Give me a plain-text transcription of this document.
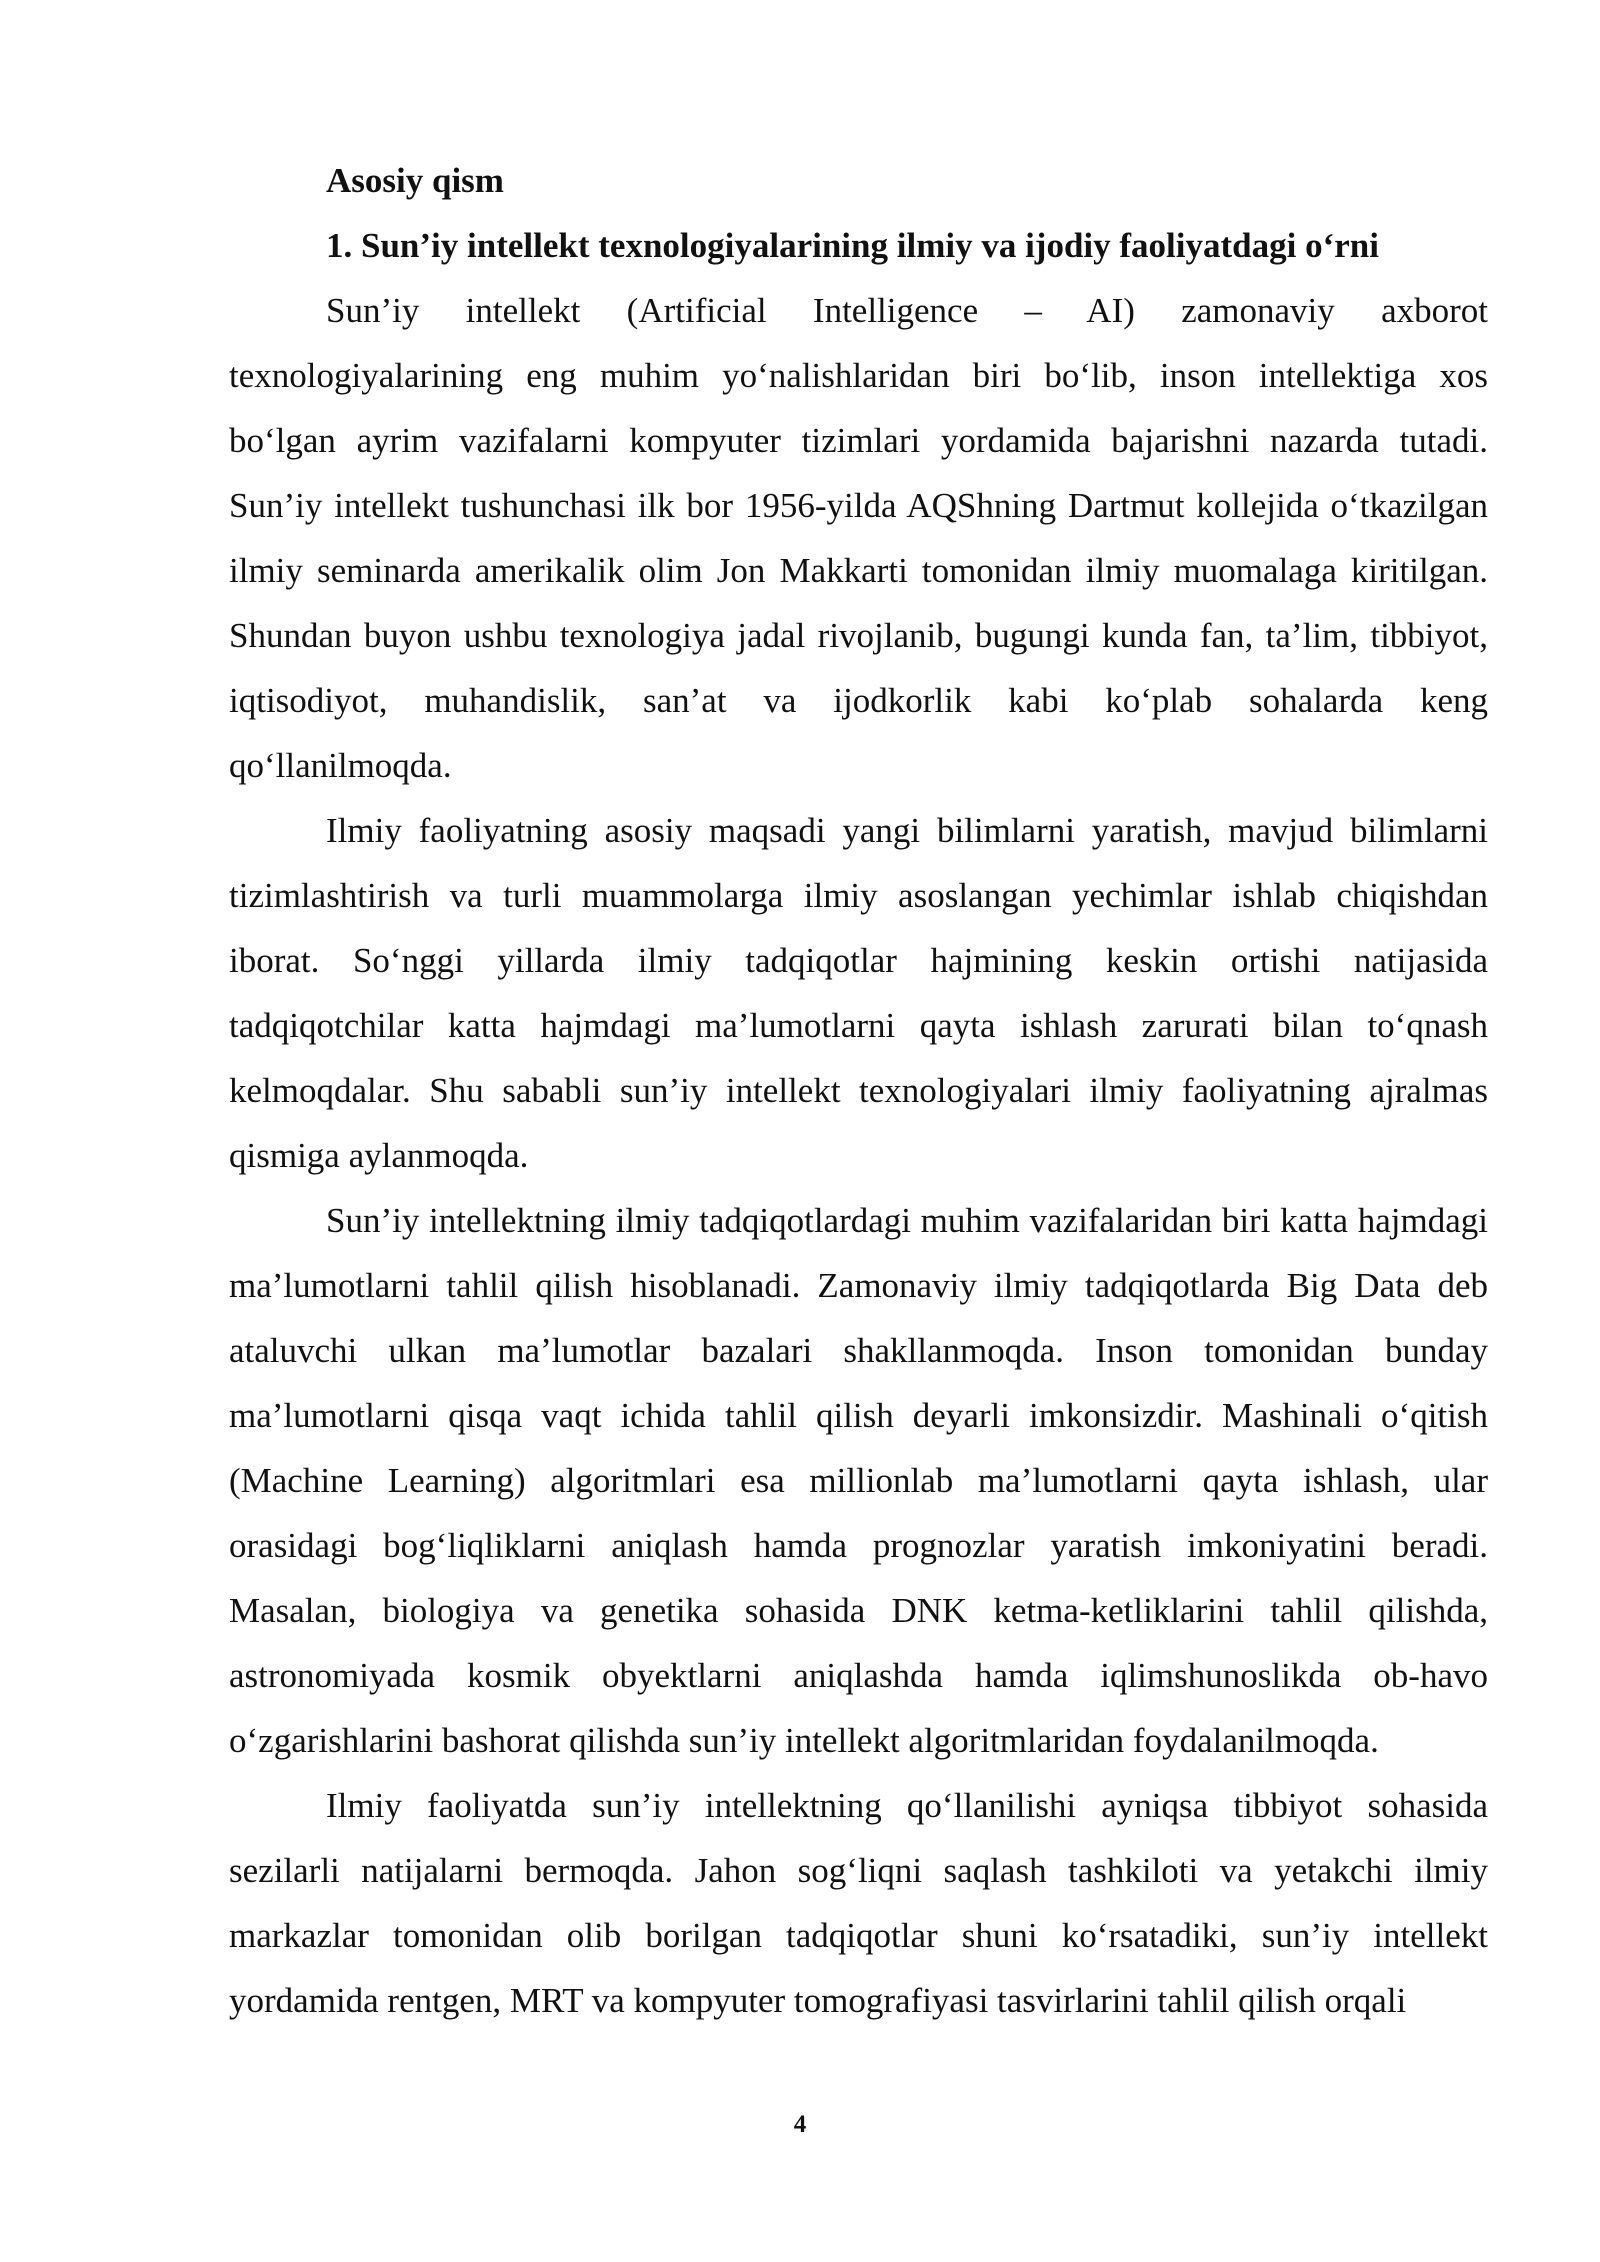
Asosiy qism

1. Sun’iy intellekt texnologiyalarining ilmiy va ijodiy faoliyatdagi o‘rni

Sun’iy intellekt (Artificial Intelligence – AI) zamonaviy axborot texnologiyalarining eng muhim yo‘nalishlaridan biri bo‘lib, inson intellektiga xos bo‘lgan ayrim vazifalarni kompyuter tizimlari yordamida bajarishni nazarda tutadi. Sun’iy intellekt tushunchasi ilk bor 1956-yilda AQShning Dartmut kollejida o‘tkazilgan ilmiy seminarda amerikalik olim Jon Makkarti tomonidan ilmiy muomalaga kiritilgan. Shundan buyon ushbu texnologiya jadal rivojlanib, bugungi kunda fan, ta’lim, tibbiyot, iqtisodiyot, muhandislik, san’at va ijodkorlik kabi ko‘plab sohalarda keng qo‘llanilmoqda.

Ilmiy faoliyatning asosiy maqsadi yangi bilimlarni yaratish, mavjud bilimlarni tizimlashtirish va turli muammolarga ilmiy asoslangan yechimlar ishlab chiqishdan iborat. So‘nggi yillarda ilmiy tadqiqotlar hajmining keskin ortishi natijasida tadqiqotchilar katta hajmdagi ma’lumotlarni qayta ishlash zarurati bilan to‘qnash kelmoqdalar. Shu sababli sun’iy intellekt texnologiyalari ilmiy faoliyatning ajralmas qismiga aylanmoqda.

Sun’iy intellektning ilmiy tadqiqotlardagi muhim vazifalaridan biri katta hajmdagi ma’lumotlarni tahlil qilish hisoblanadi. Zamonaviy ilmiy tadqiqotlarda Big Data deb ataluvchi ulkan ma’lumotlar bazalari shakllanmoqda. Inson tomonidan bunday ma’lumotlarni qisqa vaqt ichida tahlil qilish deyarli imkonsizdir. Mashinali o‘qitish (Machine Learning) algoritmlari esa millionlab ma’lumotlarni qayta ishlash, ular orasidagi bog‘liqliklarni aniqlash hamda prognozlar yaratish imkoniyatini beradi. Masalan, biologiya va genetika sohasida DNK ketma-ketliklarini tahlil qilishda, astronomiyada kosmik obyektlarni aniqlashda hamda iqlimshunoslikda ob-havo o‘zgarishlarini bashorat qilishda sun’iy intellekt algoritmlaridan foydalanilmoqda.

Ilmiy faoliyatda sun’iy intellektning qo‘llanilishi ayniqsa tibbiyot sohasida sezilarli natijalarni bermoqda. Jahon sog‘liqni saqlash tashkiloti va yetakchi ilmiy markazlar tomonidan olib borilgan tadqiqotlar shuni ko‘rsatadiki, sun’iy intellekt yordamida rentgen, MRT va kompyuter tomografiyasi tasvirlarini tahlil qilish orqali

4
